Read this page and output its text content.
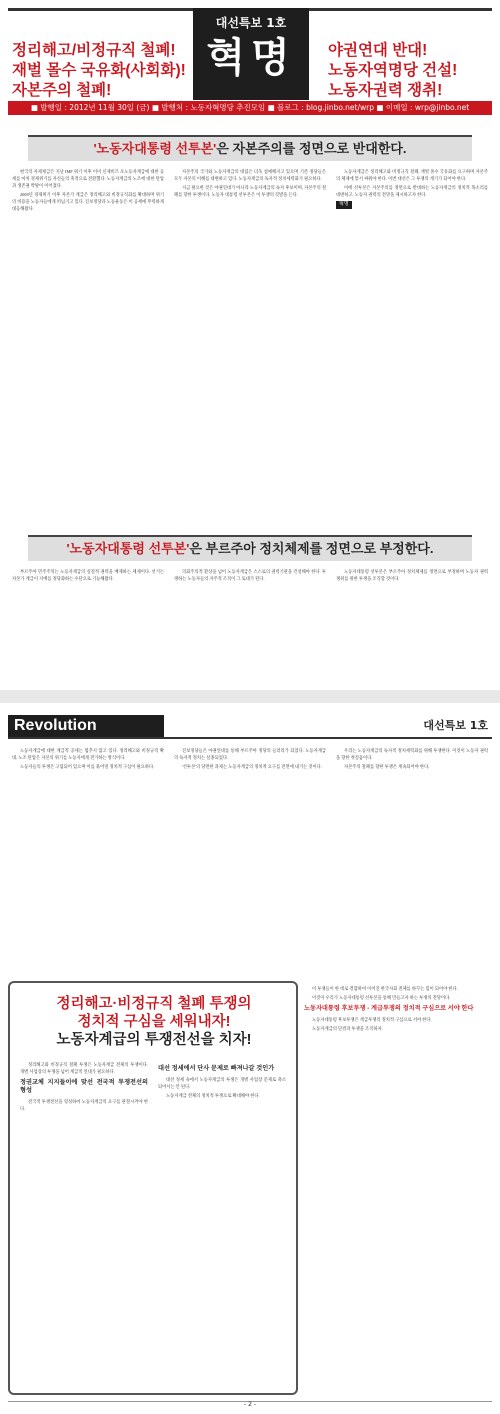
정리해고/비정규직 철폐!
재벌 몰수 국유화(사회화)!
자본주의 철폐!
대선특보 1호
혁명	야권연대 반대!
노동자역명당 건설!
노동자권력 쟁취!
■ 발행일 : 2012년 11월 30일 (금) ■ 발행처 : 노동자혁명당 추진모임 ■ 블로그 : blog.jinbo.net/wrp ■ 이메일 : wrp@jinbo.net
'노동자대통령 선투본'은 자본주의를 정면으로 반대한다.

현국의 자제제급은 지난 IMF 위기 이후 이미 신제비즈 포노동자계급에 대한 공세를 마치 경제위기를 자신들의 축적으로 전환했다. 노동자계급의 노조에 대한 탄압과 생존권 박탈이 이어졌다.

2008년 경제위기 이후 자본가 계급은 정리해고와 비정규직화를 확대하며 위기의 비용을 노동자들에게 떠넘기고 있다. 진보정당과 노동운동은 이 공세에 무력하게 대응해왔다.

자본주의 국가와 노동자계급의 대립은 더욱 첨예해지고 있으며 기존 정당들은 모두 자본의 이해를 대변하고 있다. 노동자계급의 독자적 정치세력화가 필요하다.

지금 필요한 것은 야권연대가 아니라 노동자계급의 독자 후보이며, 자본주의 철폐를 향한 투쟁이다. 노동자 대통령 선투본은 이 투쟁의 깃발을 든다.

노동자계급은 정리해고와 비정규직 철폐, 재벌 몰수 국유화를 요구하며 자본주의 체제에 맞서 싸워야 한다. 이번 대선은 그 투쟁의 계기가 되어야 한다.

이에 선투본은 자본주의를 정면으로 반대하는 노동자계급의 정치적 목소리를 대변하고, 노동자 권력의 전망을 제시하고자 한다.

혁명
'노동자대통령 선투본'은 부르주아 정치체제를 정면으로 부정한다.

부르주아 민주주의는 노동자계급의 실질적 권력을 배제하는 체제이다. 선거는 자본가 계급이 지배를 정당화하는 수단으로 기능해왔다.

의회주의적 환상을 넘어 노동자계급은 스스로의 권력기관을 건설해야 한다. 투쟁하는 노동자들의 자주적 조직이 그 토대가 된다.

노동자대통령 선투본은 부르주아 정치체제를 정면으로 부정하며 노동자 권력 쟁취를 위한 투쟁을 조직할 것이다.

Revolution	대선특보 1호

노동자계급에 대한 계급적 공세는 멈추지 않고 있다. 정리해고와 비정규직 확대, 노조 탄압은 자본의 위기를 노동자에게 전가하는 방식이다.

노동자들의 투쟁은 고립되어 있으며 이를 묶어낼 정치적 구심이 필요하다.

진보정당들은 야권연대를 통해 부르주아 정당의 들러리가 되었다. 노동자계급의 독자적 정치는 실종되었다.

'선투본'의 당면한 과제는 노동자계급의 정치적 요구를 전면에 내거는 것이다.

우리는 노동자계급의 독자적 정치세력화를 위해 투쟁한다. 이것이 노동자 권력을 향한 첫걸음이다.

자본주의 철폐를 향한 투쟁은 계속되어야 한다.

정리해고·비정규직 철폐 투쟁의
정치적 구심을 세워내자!
노동자계급의 투쟁전선을 치자!

정리해고와 비정규직 철폐 투쟁은 노동자계급 전체의 투쟁이다. 개별 사업장의 투쟁을 넘어 계급적 연대가 필요하다.

정권교체 지지들이에 맞선 전국적 투쟁전선의 형성

전국적 투쟁전선을 형성하여 노동자계급의 요구를 관철시켜야 한다.

대선 정세에서 단사 문제로 빠져나갈 것인가

대선 정세 속에서 노동자계급의 투쟁은 개별 사업장 문제로 축소되어서는 안 된다.

노동자계급 전체의 정치적 투쟁으로 확대해야 한다.

이 투쟁들이 한 데로 결합하여 이어진 한국사회 전체를 바꾸는 힘이 되어야 한다.

이것이 우리가 노동자대통령 선투본을 통해 만들고자 하는 투쟁의 전망이다.

노동자대통령 후보투쟁 - 계급투쟁의 정치적 구심으로 서야 한다

노동자대통령 후보투쟁은 계급투쟁의 정치적 구심으로 서야 한다.

노동자계급의 단결과 투쟁을 조직하자.

- 2 -
